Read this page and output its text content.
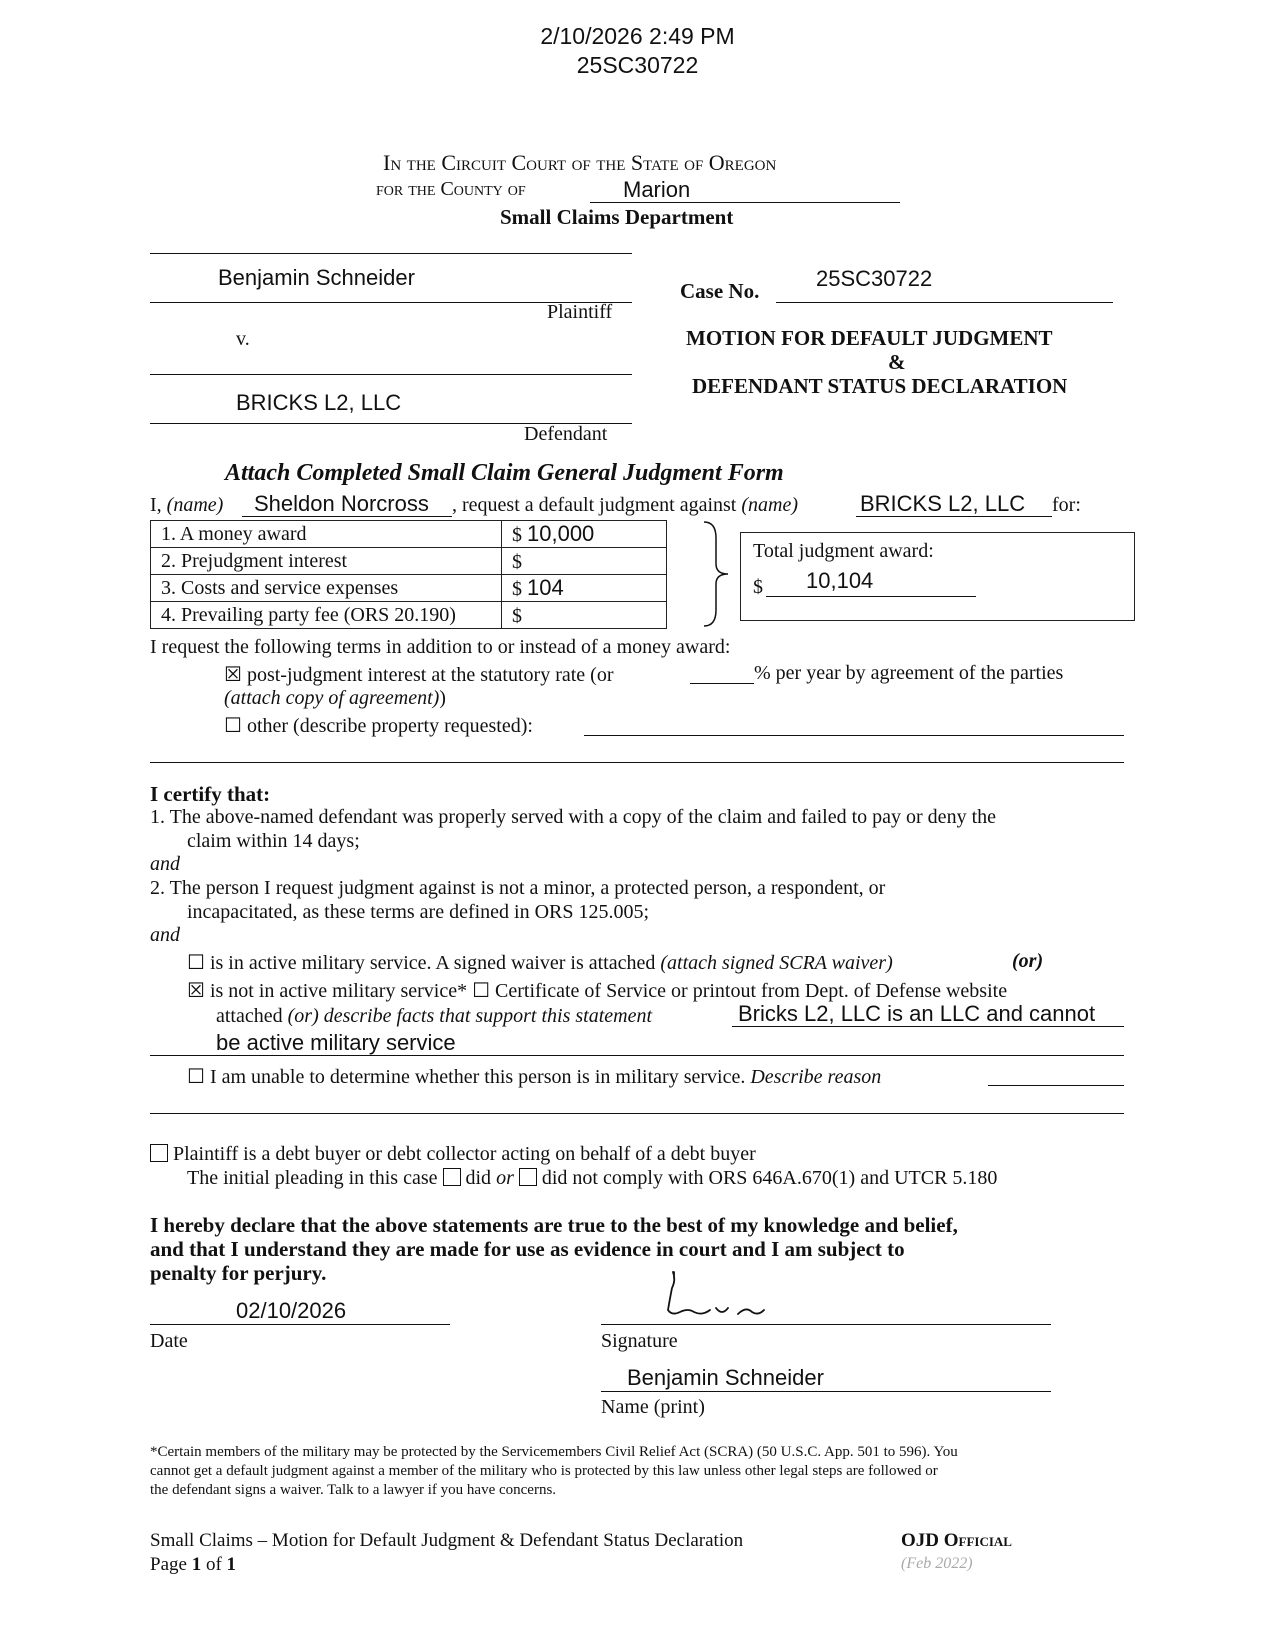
2/10/2026 2:49 PM
25SC30722
In the Circuit Court of the State of Oregon
for the County of	Marion
Small Claims Department
Benjamin Schneider
Plaintiff
v.
BRICKS L2, LLC
Defendant
Case No.	25SC30722
MOTION FOR DEFAULT JUDGMENT
&
DEFENDANT STATUS DECLARATION
Attach Completed Small Claim General Judgment Form
I, (name) Sheldon Norcross , request a default judgment against (name)	BRICKS L2, LLC for:
1. A money award	$ 10,000
2. Prejudgment interest	$
3. Costs and service expenses	$ 104
4. Prevailing party fee (ORS 20.190)	$
Total judgment award:
$ 10,104
I request the following terms in addition to or instead of a money award:
☒ post-judgment interest at the statutory rate (or	% per year by agreement of the parties
(attach copy of agreement))
☐ other (describe property requested):
I certify that:
1. The above-named defendant was properly served with a copy of the claim and failed to pay or deny the
claim within 14 days;
and
2. The person I request judgment against is not a minor, a protected person, a respondent, or
incapacitated, as these terms are defined in ORS 125.005;
and
☐ is in active military service. A signed waiver is attached (attach signed SCRA waiver)	(or)
☒ is not in active military service* ☐ Certificate of Service or printout from Dept. of Defense website
attached (or) describe facts that support this statement	Bricks L2, LLC is an LLC and cannot
be active military service
☐ I am unable to determine whether this person is in military service. Describe reason
Plaintiff is a debt buyer or debt collector acting on behalf of a debt buyer
The initial pleading in this case did or did not comply with ORS 646A.670(1) and UTCR 5.180
I hereby declare that the above statements are true to the best of my knowledge and belief,
and that I understand they are made for use as evidence in court and I am subject to
penalty for perjury.
02/10/2026
Date	Signature
Benjamin Schneider
Name (print)
*Certain members of the military may be protected by the Servicemembers Civil Relief Act (SCRA) (50 U.S.C. App. 501 to 596). You
cannot get a default judgment against a member of the military who is protected by this law unless other legal steps are followed or
the defendant signs a waiver. Talk to a lawyer if you have concerns.
Small Claims – Motion for Default Judgment & Defendant Status Declaration
Page 1 of 1
OJD Official
(Feb 2022)
